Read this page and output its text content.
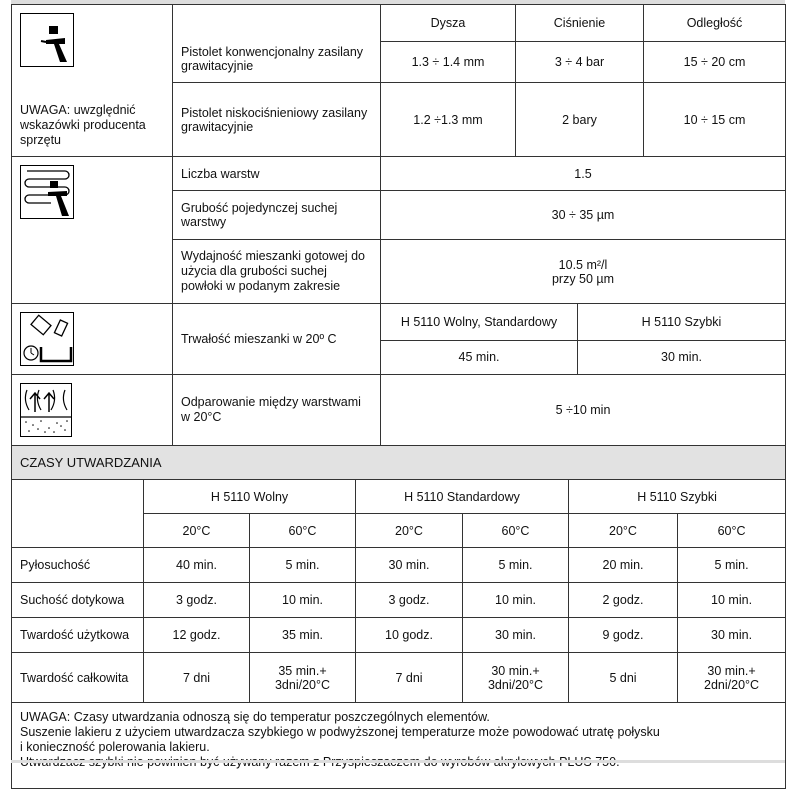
UWAGA: uwzględnić wskazówki producenta sprzętu	Pistolet konwencjonalny zasilany grawitacyjnie	Dysza	Ciśnienie	Odległość
		1.3 ÷ 1.4 mm	3 ÷ 4 bar	15 ÷ 20 cm
	Pistolet niskociśnieniowy zasilany grawitacyjnie	1.2 ÷1.3 mm	2 bary	10 ÷ 15 cm

	Liczba warstw	1.5		
	Grubość pojedynczej suchej warstwy	30 ÷ 35 µm		
	Wydajność mieszanki gotowej do użycia dla grubości suchej powłoki w podanym zakresie	10.5 m²/l
przy 50 µm		
	Trwałość mieszanki w 20º C	H 5110 Wolny, Standardowy	H 5110 Szybki
		45 min.	30 min.

	Odparowanie między warstwami w 20°C	5 ÷10 min	
CZASY UTWARDZANIA						
	H 5110 Wolny		H 5110 Standardowy		H 5110 Szybki	
	20°C	60°C	20°C	60°C	20°C	60°C
Pyłosuchość	40 min.	5 min.	30 min.	5 min.	20 min.	5 min.
Suchość dotykowa	3 godz.	10 min.	3 godz.	10 min.	2 godz.	10 min.
Twardość użytkowa	12 godz.	35 min.	10 godz.	30 min.	9 godz.	30 min.
Twardość całkowita	7 dni	35 min.+ 3dni/20°C	7 dni	30 min.+ 3dni/20°C	5 dni	30 min.+ 2dni/20°C

UWAGA: Czasy utwardzania odnoszą się do temperatur poszczególnych elementów.
Suszenie lakieru z użyciem utwardzacza szybkiego w podwyższonej temperaturze może powodować utratę połysku
i konieczność polerowania lakieru.						
